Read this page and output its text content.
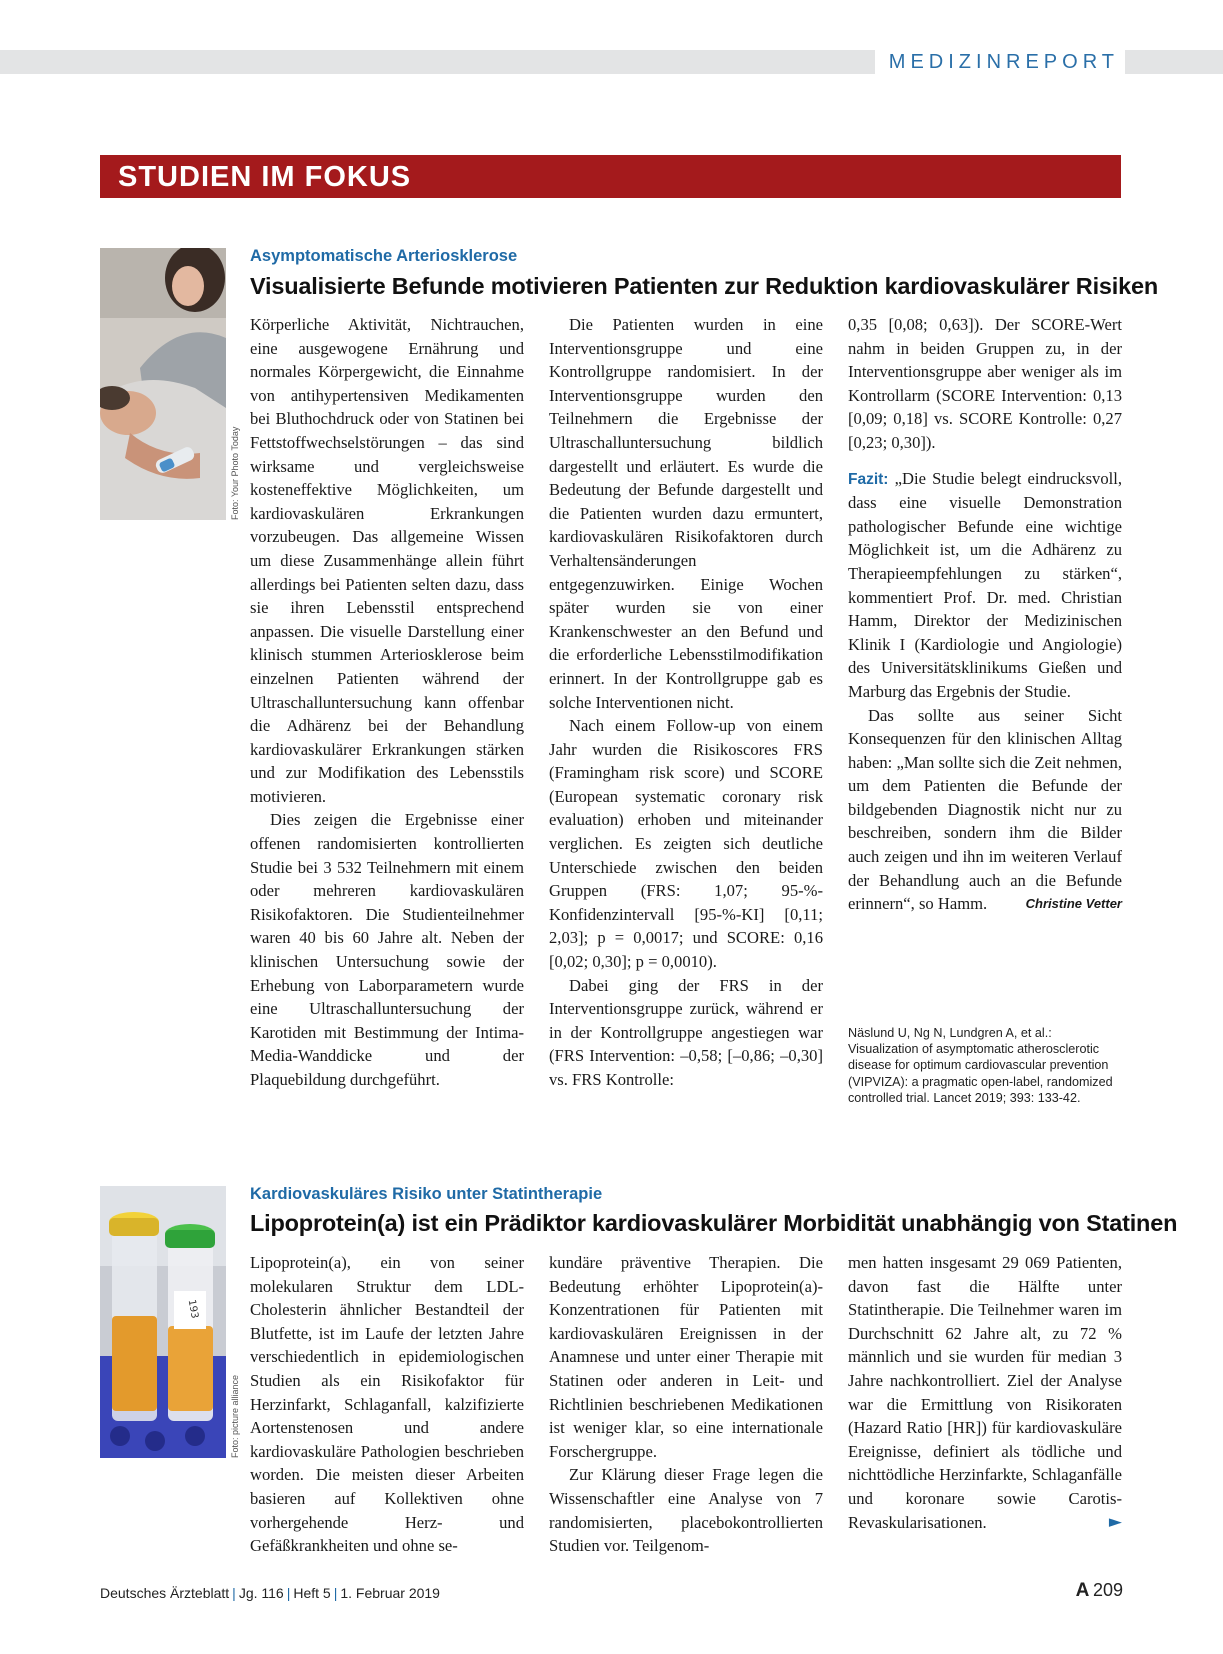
MEDIZINREPORT
STUDIEN IM FOKUS
Foto: Your Photo Today
Asymptomatische Arteriosklerose
Visualisierte Befunde motivieren Patienten zur Reduktion kardiovaskulärer Risiken

Körperliche Aktivität, Nichtrauchen, eine ausgewogene Ernährung und normales Körpergewicht, die Einnahme von antihypertensiven Medikamenten bei Bluthochdruck oder von Statinen bei Fettstoffwechselstörungen – das sind wirksame und vergleichsweise kosteneffektive Möglichkeiten, um kardiovaskulären Erkrankungen vorzubeugen. Das allgemeine Wissen um diese Zusammenhänge allein führt allerdings bei Patienten selten dazu, dass sie ihren Lebensstil entsprechend anpassen. Die visuelle Darstellung einer klinisch stummen Arteriosklerose beim einzelnen Patienten während der Ultraschalluntersuchung kann offenbar die Adhärenz bei der Behandlung kardiovaskulärer Erkrankungen stärken und zur Modifikation des Lebensstils motivieren.

Dies zeigen die Ergebnisse einer offenen randomisierten kontrollierten Studie bei 3 532 Teilnehmern mit einem oder mehreren kardiovaskulären Risikofaktoren. Die Studienteilnehmer waren 40 bis 60 Jahre alt. Neben der klinischen Untersuchung sowie der Erhebung von Laborparametern wurde eine Ultraschalluntersuchung der Karotiden mit Bestimmung der Intima-Media-Wanddicke und der Plaquebildung durchgeführt.

Die Patienten wurden in eine Interventionsgruppe und eine Kontrollgruppe randomisiert. In der Interventionsgruppe wurden den Teilnehmern die Ergebnisse der Ultraschalluntersuchung bildlich dargestellt und erläutert. Es wurde die Bedeutung der Befunde dargestellt und die Patienten wurden dazu ermuntert, kardiovaskulären Risikofaktoren durch Verhaltensänderungen entgegenzuwirken. Einige Wochen später wurden sie von einer Krankenschwester an den Befund und die erforderliche Lebensstilmodifikation erinnert. In der Kontrollgruppe gab es solche Interventionen nicht.

Nach einem Follow-up von einem Jahr wurden die Risikoscores FRS (Framingham risk score) und SCORE (European systematic coronary risk evaluation) erhoben und miteinander verglichen. Es zeigten sich deutliche Unterschiede zwischen den beiden Gruppen (FRS: 1,07; 95-%-Konfidenzintervall [95-%-KI] [0,11; 2,03]; p = 0,0017; und SCORE: 0,16 [0,02; 0,30]; p = 0,0010).

Dabei ging der FRS in der Interventionsgruppe zurück, während er in der Kontrollgruppe angestiegen war (FRS Intervention: –0,58; [–0,86; –0,30] vs. FRS Kontrolle:

0,35 [0,08; 0,63]). Der SCORE-Wert nahm in beiden Gruppen zu, in der Interventionsgruppe aber weniger als im Kontrollarm (SCORE Intervention: 0,13 [0,09; 0,18] vs. SCORE Kontrolle: 0,27 [0,23; 0,30]).

Fazit: „Die Studie belegt eindrucksvoll, dass eine visuelle Demonstration pathologischer Befunde eine wichtige Möglichkeit ist, um die Adhärenz zu Therapieempfehlungen zu stärken“, kommentiert Prof. Dr. med. Christian Hamm, Direktor der Medizinischen Klinik I (Kardiologie und Angiologie) des Universitätsklinikums Gießen und Marburg das Ergebnis der Studie.

Das sollte aus seiner Sicht Konsequenzen für den klinischen Alltag haben: „Man sollte sich die Zeit nehmen, um dem Patienten die Befunde der bildgebenden Diagnostik nicht nur zu beschreiben, sondern ihm die Bilder auch zeigen und ihn im weiteren Verlauf der Behandlung auch an die Befunde erinnern“, so Hamm.	Christine Vetter

Näslund U, Ng N, Lundgren A, et al.: Visualization of asymptomatic atherosclerotic disease for optimum cardiovascular prevention (VIPVIZA): a pragmatic open-label, randomized controlled trial. Lancet 2019; 393: 133-42.
193
Foto: picture alliance
Kardiovaskuläres Risiko unter Statintherapie
Lipoprotein(a) ist ein Prädiktor kardiovaskulärer Morbidität unabhängig von Statinen

Lipoprotein(a), ein von seiner molekularen Struktur dem LDL-Cholesterin ähnlicher Bestandteil der Blutfette, ist im Laufe der letzten Jahre verschiedentlich in epidemiologischen Studien als ein Risikofaktor für Herzinfarkt, Schlaganfall, kalzifizierte Aortenstenosen und andere kardiovaskuläre Pathologien beschrieben worden. Die meisten dieser Arbeiten basieren auf Kollektiven ohne vorhergehende Herz- und Gefäßkrankheiten und ohne se-

kundäre präventive Therapien. Die Bedeutung erhöhter Lipoprotein(a)-Konzentrationen für Patienten mit kardiovaskulären Ereignissen in der Anamnese und unter einer Therapie mit Statinen oder anderen in Leit- und Richtlinien beschriebenen Medikationen ist weniger klar, so eine internationale Forschergruppe.

Zur Klärung dieser Frage legen die Wissenschaftler eine Analyse von 7 randomisierten, placebokontrollierten Studien vor. Teilgenom-

men hatten insgesamt 29 069 Patienten, davon fast die Hälfte unter Statintherapie. Die Teilnehmer waren im Durchschnitt 62 Jahre alt, zu 72 % männlich und sie wurden für median 3 Jahre nachkontrolliert. Ziel der Analyse war die Ermittlung von Risikoraten (Hazard Ratio [HR]) für kardiovaskuläre Ereignisse, definiert als tödliche und nichttödliche Herzinfarkte, Schlaganfälle und koronare sowie Carotis-Revaskularisationen.	►

Deutsches Ärzteblatt | Jg. 116 | Heft 5 | 1. Februar 2019	A  209
